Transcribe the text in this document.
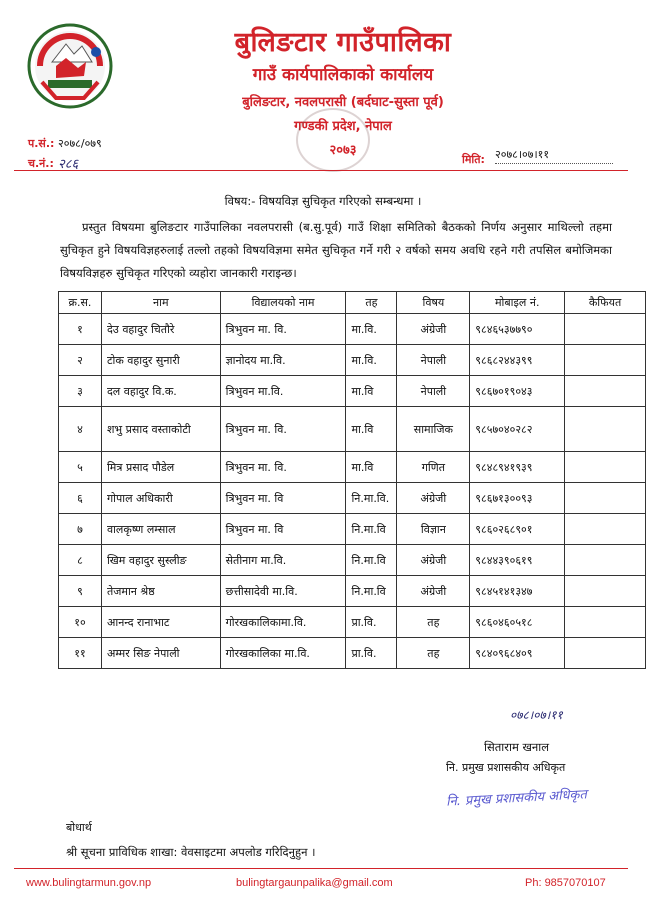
बुलिङटार गाउँपालिका
गाउँ कार्यपालिकाको कार्यालय
बुलिङटार, नवलपरासी (बर्दघाट-सुस्ता पूर्व)
गण्डकी प्रदेश, नेपाल
२०७३
प.सं.: २०७८/०७९
च.नं.: २८६	मिति: २०७८।०७।११
विषय:- विषयविज्ञ सुचिकृत गरिएको सम्बन्धमा ।
प्रस्तुत विषयमा बुलिङटार गाउँपालिका नवलपरासी (ब.सु.पूर्व) गाउँ शिक्षा समितिको बैठकको निर्णय अनुसार माथिल्लो तहमा सुचिकृत हुने विषयविज्ञहरुलाई तल्लो तहको विषयविज्ञमा समेत सुचिकृत गर्ने गरी २ वर्षको समय अवधि रहने गरी तपसिल बमोजिमका विषयविज्ञहरु सुचिकृत गरिएको व्यहोरा जानकारी गराइन्छ।
क्र.स.	नाम	विद्यालयको नाम	तह	विषय	मोबाइल नं.	कैफियत
१	देउ वहादुर चितौरे	त्रिभुवन मा. वि.	मा.वि.	अंग्रेजी	९८४६५३७७९०	
२	टोक वहादुर सुनारी	ज्ञानोदय मा.वि.	मा.वि.	नेपाली	९८६८२४४३९९	
३	दल वहादुर वि.क.	त्रिभुवन मा.वि.	मा.वि	नेपाली	९८६७०१९०४३	
४	शभु प्रसाद वस्ताकोटी	त्रिभुवन मा. वि.	मा.वि	सामाजिक	९८५७०४०२८२	
५	मित्र प्रसाद पौडेल	त्रिभुवन मा. वि.	मा.वि	गणित	९८४८९४१९३९	
६	गोपाल अधिकारी	त्रिभुवन मा. वि	नि.मा.वि.	अंग्रेजी	९८६७१३००९३	
७	वालकृष्ण लम्साल	त्रिभुवन मा. वि	नि.मा.वि	विज्ञान	९८६०२६८९०१	
८	खिम वहादुर सुस्लीङ	सेतीनाग मा.वि.	नि.मा.वि	अंग्रेजी	९८४४३९०६१९	
९	तेजमान श्रेष्ठ	छत्तीसादेवी मा.वि.	नि.मा.वि	अंग्रेजी	९८४५१४१३४७	
१०	आनन्द रानाभाट	गोरखकालिकामा.वि.	प्रा.वि.	तह	९८६०४६०५१८	
११	अम्मर सिङ नेपाली	गोरखकालिका मा.वि.	प्रा.वि.	तह	९८४०९६८४०९	
०७८।०७।११
सिताराम खनाल
नि. प्रमुख प्रशासकीय अधिकृत
नि. प्रमुख प्रशासकीय अधिकृत
बोधार्थ
श्री सूचना प्राविधिक शाखा: वेवसाइटमा अपलोड गरिदिनुहुन ।
www.bulingtarmun.gov.np	bulingtargaunpalika@gmail.com	Ph: 9857070107
